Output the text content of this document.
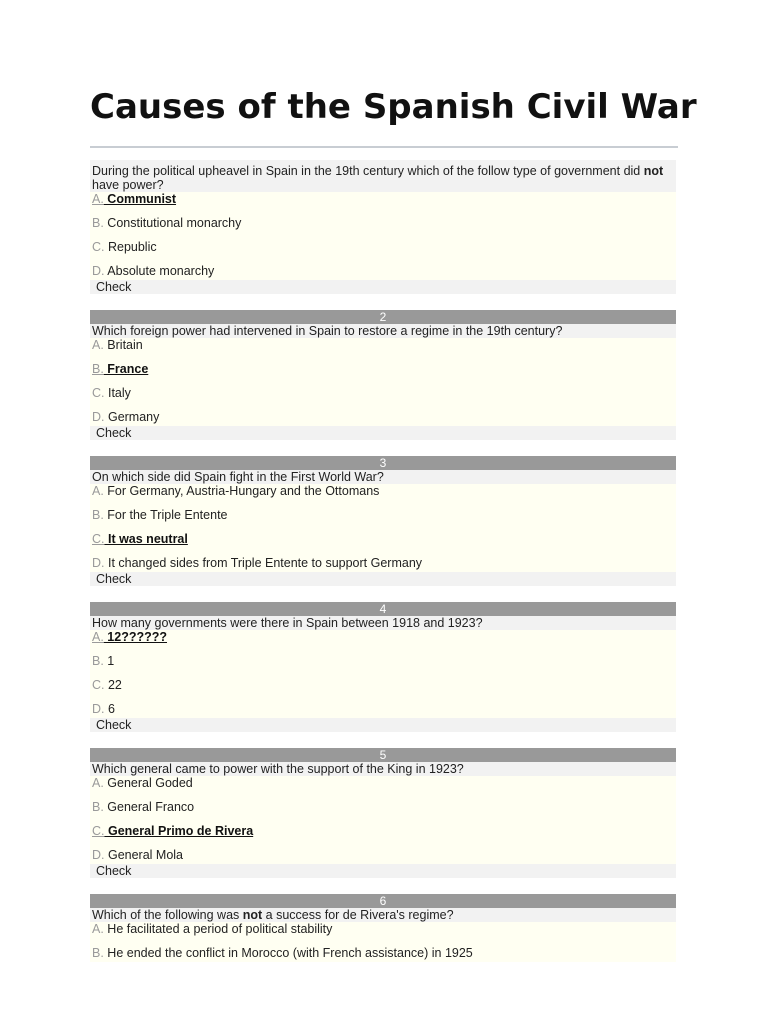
Causes of the Spanish Civil War
During the political upheavel in Spain in the 19th century which of the follow type of government did not have power?
A. Communist
B. Constitutional monarchy
C. Republic
D. Absolute monarchy
Check
2
Which foreign power had intervened in Spain to restore a regime in the 19th century?
A. Britain
B. France
C. Italy
D. Germany
Check
3
On which side did Spain fight in the First World War?
A. For Germany, Austria-Hungary and the Ottomans
B. For the Triple Entente
C. It was neutral
D. It changed sides from Triple Entente to support Germany
Check
4
How many governments were there in Spain between 1918 and 1923?
A. 12??????
B. 1
C. 22
D. 6
Check
5
Which general came to power with the support of the King in 1923?
A. General Goded
B. General Franco
C. General Primo de Rivera
D. General Mola
Check
6
Which of the following was not a success for de Rivera's regime?
A. He facilitated a period of political stability
B. He ended the conflict in Morocco (with French assistance) in 1925
